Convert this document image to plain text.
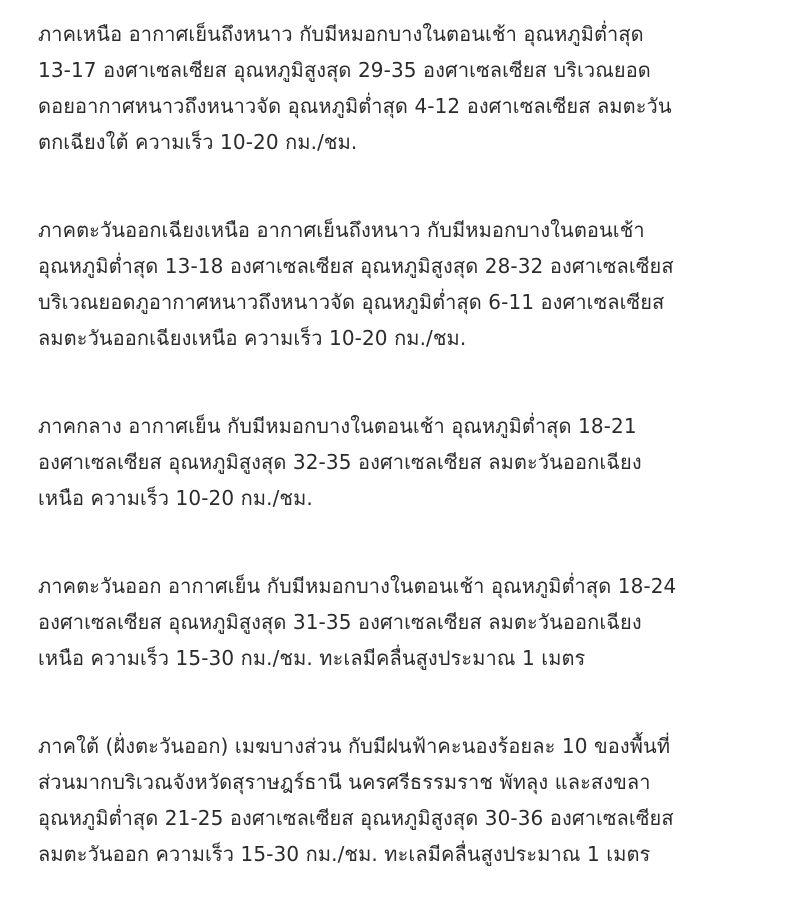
ภาคเหนือ อากาศเย็นถึงหนาว กับมีหมอกบางในตอนเช้า อุณหภูมิต่ำสุด
13-17 องศาเซลเซียส อุณหภูมิสูงสุด 29-35 องศาเซลเซียส บริเวณยอด
ดอยอากาศหนาวถึงหนาวจัด อุณหภูมิต่ำสุด 4-12 องศาเซลเซียส ลมตะวัน
ตกเฉียงใต้ ความเร็ว 10-20 กม./ชม.

ภาคตะวันออกเฉียงเหนือ อากาศเย็นถึงหนาว กับมีหมอกบางในตอนเช้า
อุณหภูมิต่ำสุด 13-18 องศาเซลเซียส อุณหภูมิสูงสุด 28-32 องศาเซลเซียส
บริเวณยอดภูอากาศหนาวถึงหนาวจัด อุณหภูมิต่ำสุด 6-11 องศาเซลเซียส
ลมตะวันออกเฉียงเหนือ ความเร็ว 10-20 กม./ชม.

ภาคกลาง อากาศเย็น กับมีหมอกบางในตอนเช้า อุณหภูมิต่ำสุด 18-21
องศาเซลเซียส อุณหภูมิสูงสุด 32-35 องศาเซลเซียส ลมตะวันออกเฉียง
เหนือ ความเร็ว 10-20 กม./ชม.

ภาคตะวันออก อากาศเย็น กับมีหมอกบางในตอนเช้า อุณหภูมิต่ำสุด 18-24
องศาเซลเซียส อุณหภูมิสูงสุด 31-35 องศาเซลเซียส ลมตะวันออกเฉียง
เหนือ ความเร็ว 15-30 กม./ชม. ทะเลมีคลื่นสูงประมาณ 1 เมตร

ภาคใต้ (ฝั่งตะวันออก) เมฆบางส่วน กับมีฝนฟ้าคะนองร้อยละ 10 ของพื้นที่
ส่วนมากบริเวณจังหวัดสุราษฎร์ธานี นครศรีธรรมราช พัทลุง และสงขลา
อุณหภูมิต่ำสุด 21-25 องศาเซลเซียส อุณหภูมิสูงสุด 30-36 องศาเซลเซียส
ลมตะวันออก ความเร็ว 15-30 กม./ชม. ทะเลมีคลื่นสูงประมาณ 1 เมตร
